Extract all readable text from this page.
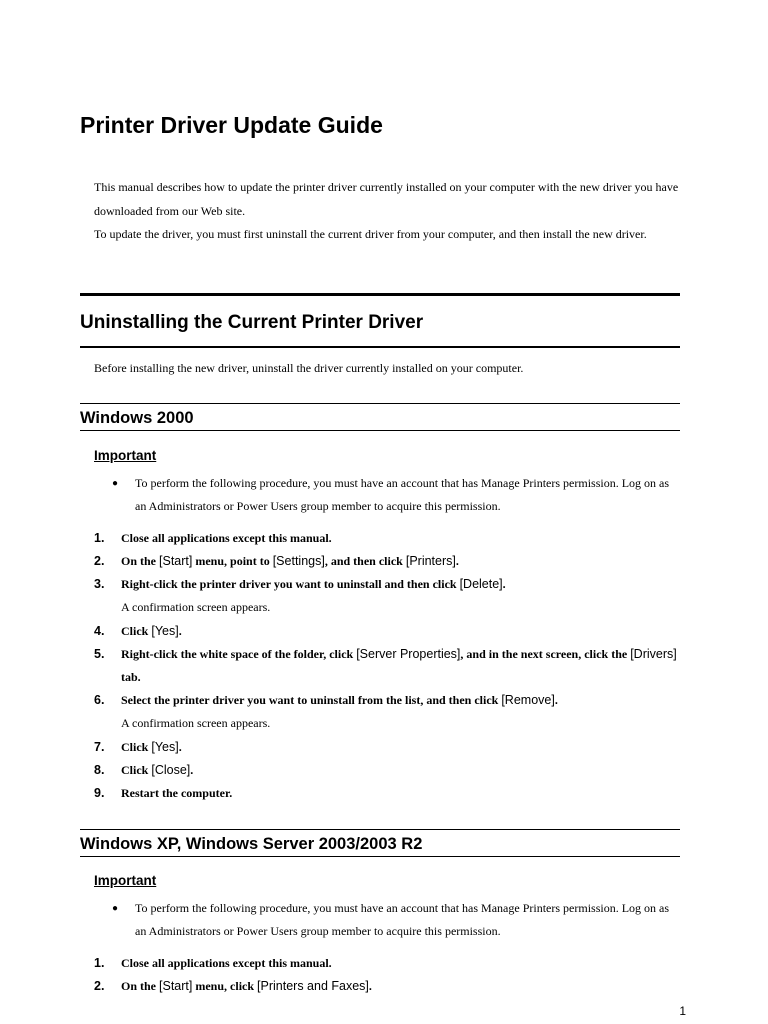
Printer Driver Update Guide

This manual describes how to update the printer driver currently installed on your computer with the new driver you have downloaded from our Web site.

To update the driver, you must first uninstall the current driver from your computer, and then install the new driver.

Uninstalling the Current Printer Driver

Before installing the new driver, uninstall the driver currently installed on your computer.

Windows 2000

Important

●	To perform the following procedure, you must have an account that has Manage Printers permission. Log on as an Administrators or Power Users group member to acquire this permission.
1.	Close all applications except this manual.
2.	On the [Start] menu, point to [Settings], and then click [Printers].
3.	Right-click the printer driver you want to uninstall and then click [Delete].
A confirmation screen appears.
4.	Click [Yes].
5.	Right-click the white space of the folder, click [Server Properties], and in the next screen, click the [Drivers] tab.
6.	Select the printer driver you want to uninstall from the list, and then click [Remove].
A confirmation screen appears.
7.	Click [Yes].
8.	Click [Close].
9.	Restart the computer.
Windows XP, Windows Server 2003/2003 R2

Important

●	To perform the following procedure, you must have an account that has Manage Printers permission. Log on as an Administrators or Power Users group member to acquire this permission.
1.	Close all applications except this manual.
2.	On the [Start] menu, click [Printers and Faxes].

1
